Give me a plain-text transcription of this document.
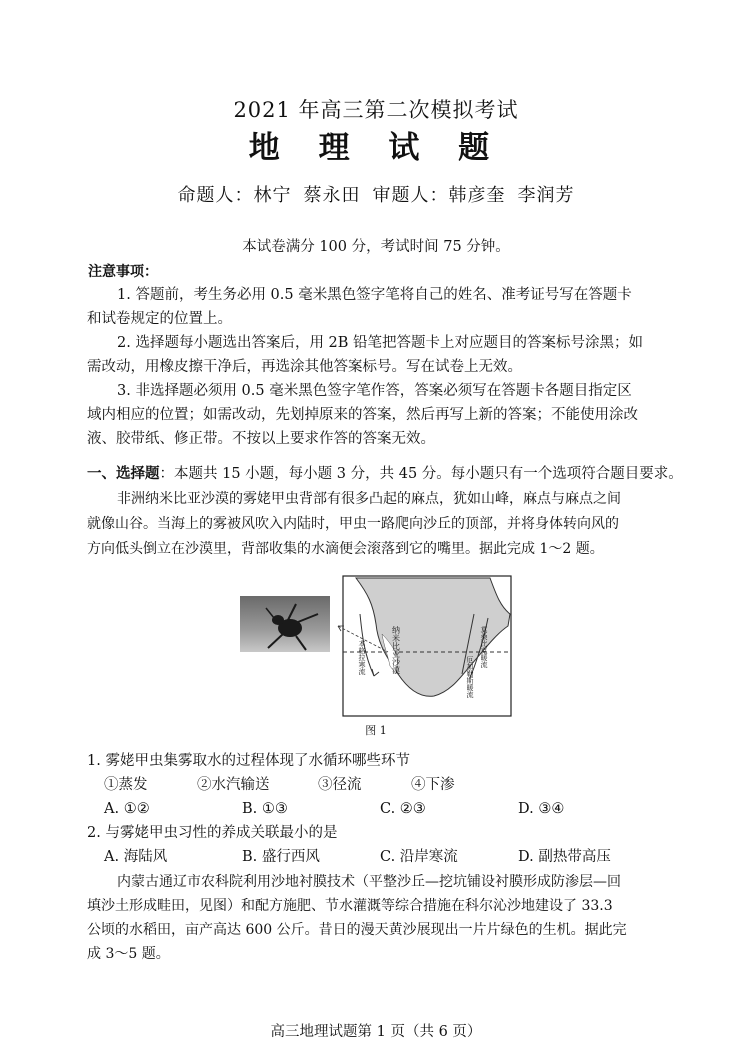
2021 年高三第二次模拟考试
地 理 试 题
命题人：林宁 蔡永田 审题人：韩彦奎 李润芳
本试卷满分 100 分，考试时间 75 分钟。
注意事项：
1. 答题前，考生务必用 0.5 毫米黑色签字笔将自己的姓名、准考证号写在答题卡
和试卷规定的位置上。
2. 选择题每小题选出答案后，用 2B 铅笔把答题卡上对应题目的答案标号涂黑；如
需改动，用橡皮擦干净后，再选涂其他答案标号。写在试卷上无效。
3. 非选择题必须用 0.5 毫米黑色签字笔作答，答案必须写在答题卡各题目指定区
域内相应的位置；如需改动，先划掉原来的答案，然后再写上新的答案；不能使用涂改
液、胶带纸、修正带。不按以上要求作答的答案无效。
一、选择题：本题共 15 小题，每小题 3 分，共 45 分。每小题只有一个选项符合题目要求。
非洲纳米比亚沙漠的雾姥甲虫背部有很多凸起的麻点，犹如山峰，麻点与麻点之间
就像山谷。当海上的雾被风吹入内陆时，甲虫一路爬向沙丘的顶部，并将身体转向风的
方向低头倒立在沙漠里，背部收集的水滴便会滚落到它的嘴里。据此完成 1～2 题。
纳米比亚沙漠
本格拉寒流	莫桑比克暖流
厄加勒斯暖流
图 1
1. 雾姥甲虫集雾取水的过程体现了水循环哪些环节
①蒸发	②水汽输送	③径流	④下渗
A. ①②	B. ①③	C. ②③	D. ③④
2. 与雾姥甲虫习性的养成关联最小的是
A. 海陆风	B. 盛行西风	C. 沿岸寒流	D. 副热带高压
内蒙古通辽市农科院利用沙地衬膜技术（平整沙丘—挖坑铺设衬膜形成防渗层—回
填沙土形成畦田，见图）和配方施肥、节水灌溉等综合措施在科尔沁沙地建设了 33.3
公顷的水稻田，亩产高达 600 公斤。昔日的漫天黄沙展现出一片片绿色的生机。据此完
成 3～5 题。
高三地理试题第 1 页（共 6 页）
